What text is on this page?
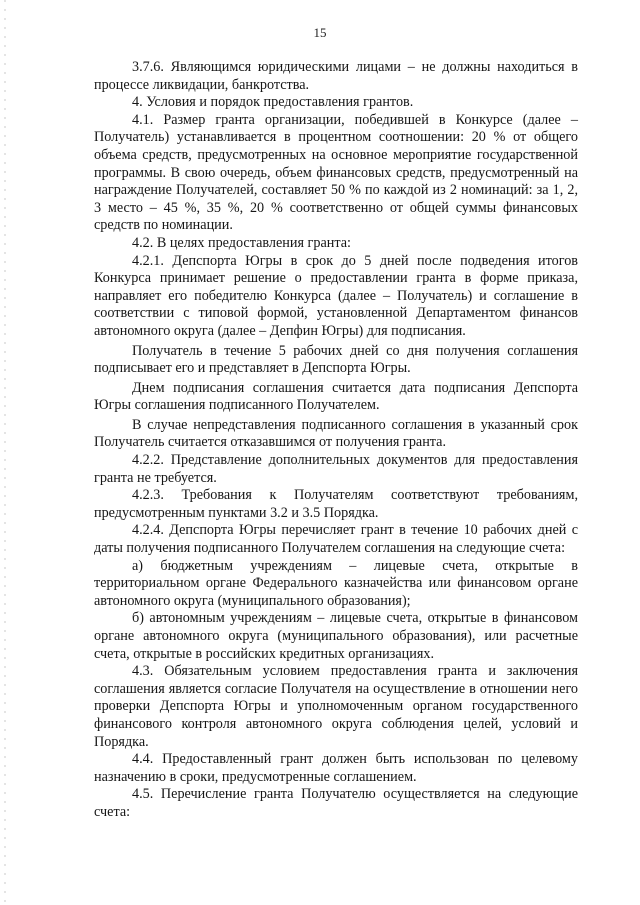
15

3.7.6. Являющимся юридическими лицами – не должны находиться в процессе ликвидации, банкротства.

4. Условия и порядок предоставления грантов.

4.1. Размер гранта организации, победившей в Конкурсе (далее – Получатель) устанавливается в процентном соотношении: 20 % от общего объема средств, предусмотренных на основное мероприятие государственной программы. В свою очередь, объем финансовых средств, предусмотренный на награждение Получателей, составляет 50 % по каждой из 2 номинаций: за 1, 2, 3 место – 45 %, 35 %, 20 % соответственно от общей суммы финансовых средств по номинации.

4.2. В целях предоставления гранта:

4.2.1. Депспорта Югры в срок до 5 дней после подведения итогов Конкурса принимает решение о предоставлении гранта в форме приказа, направляет его победителю Конкурса (далее – Получатель) и соглашение в соответствии с типовой формой, установленной Департаментом финансов автономного округа (далее – Депфин Югры) для подписания.

Получатель в течение 5 рабочих дней со дня получения соглашения подписывает его и представляет в Депспорта Югры.

Днем подписания соглашения считается дата подписания Депспорта Югры соглашения подписанного Получателем.

В случае непредставления подписанного соглашения в указанный срок Получатель считается отказавшимся от получения гранта.

4.2.2. Представление дополнительных документов для предоставления гранта не требуется.

4.2.3. Требования к Получателям соответствуют требованиям, предусмотренным пунктами 3.2 и 3.5 Порядка.

4.2.4. Депспорта Югры перечисляет грант в течение 10 рабочих дней с даты получения подписанного Получателем соглашения на следующие счета:

а) бюджетным учреждениям – лицевые счета, открытые в территориальном органе Федерального казначейства или финансовом органе автономного округа (муниципального образования);

б) автономным учреждениям – лицевые счета, открытые в финансовом органе автономного округа (муниципального образования), или расчетные счета, открытые в российских кредитных организациях.

4.3. Обязательным условием предоставления гранта и заключения соглашения является согласие Получателя на осуществление в отношении него проверки Депспорта Югры и уполномоченным органом государственного финансового контроля автономного округа соблюдения целей, условий и Порядка.

4.4. Предоставленный грант должен быть использован по целевому назначению в сроки, предусмотренные соглашением.

4.5. Перечисление гранта Получателю осуществляется на следующие счета:
